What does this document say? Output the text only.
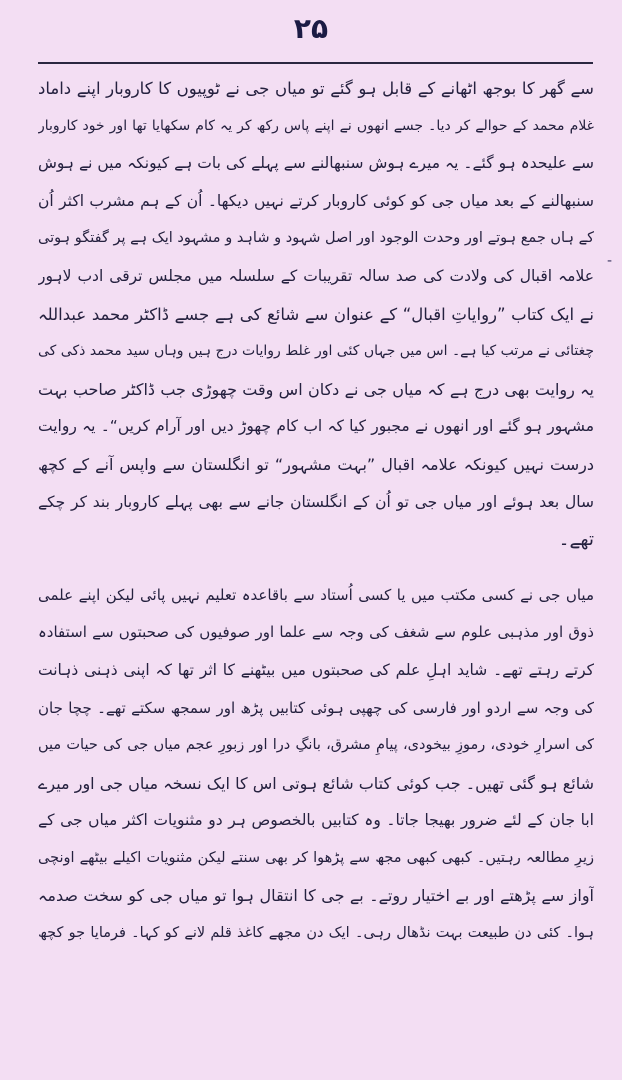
۲۵
-
سے گھر کا بوجھ اٹھانے کے قابل ہو گئے تو میاں جی نے ٹوپیوں کا کاروبار اپنے داماد
غلام محمد کے حوالے کر دیا۔ جسے انھوں نے اپنے پاس رکھ کر یہ کام سکھایا تھا اور خود کاروبار
سے علیحدہ ہو گئے۔ یہ میرے ہوش سنبھالنے سے پہلے کی بات ہے کیونکہ میں نے ہوش
سنبھالنے کے بعد میاں جی کو کوئی کاروبار کرتے نہیں دیکھا۔ اُن کے ہم مشرب اکثر اُن
کے ہاں جمع ہوتے اور وحدت الوجود اور اصل شہود و شاہد و مشہود ایک ہے پر گفتگو ہوتی
علامہ اقبال کی ولادت کی صد سالہ تقریبات کے سلسلہ میں مجلس ترقی ادب لاہور
نے ایک کتاب ”روایاتِ اقبال“ کے عنوان سے شائع کی ہے جسے ڈاکٹر محمد عبداللہ
چغتائی نے مرتب کیا ہے۔ اس میں جہاں کئی اور غلط روایات درج ہیں وہاں سید محمد ذکی کی
یہ روایت بھی درج ہے کہ میاں جی نے دکان اس وقت چھوڑی جب ڈاکٹر صاحب بہت
مشہور ہو گئے اور انھوں نے مجبور کیا کہ اب کام چھوڑ دیں اور آرام کریں“۔ یہ روایت
درست نہیں کیونکہ علامہ اقبال ”بہت مشہور“ تو انگلستان سے واپس آنے کے کچھ
سال بعد ہوئے اور میاں جی تو اُن کے انگلستان جانے سے بھی پہلے کاروبار بند کر چکے
تھے۔
میاں جی نے کسی مکتب میں یا کسی اُستاد سے باقاعدہ تعلیم نہیں پائی لیکن اپنے علمی
ذوق اور مذہبی علوم سے شغف کی وجہ سے علما اور صوفیوں کی صحبتوں سے استفادہ
کرتے رہتے تھے۔ شاید اہلِ علم کی صحبتوں میں بیٹھنے کا اثر تھا کہ اپنی ذہنی ذہانت
کی وجہ سے اردو اور فارسی کی چھپی ہوئی کتابیں پڑھ اور سمجھ سکتے تھے۔ چچا جان
کی اسرارِ خودی، رموزِ بیخودی، پیامِ مشرق، بانگِ درا اور زبورِ عجم میاں جی کی حیات میں
شائع ہو گئی تھیں۔ جب کوئی کتاب شائع ہوتی اس کا ایک نسخہ میاں جی اور میرے
ابا جان کے لئے ضرور بھیجا جاتا۔ وہ کتابیں بالخصوص ہر دو مثنویات اکثر میاں جی کے
زیرِ مطالعہ رہتیں۔ کبھی کبھی مجھ سے پڑھوا کر بھی سنتے لیکن مثنویات اکیلے بیٹھے اونچی
آواز سے پڑھتے اور بے اختیار روتے۔ بے جی کا انتقال ہوا تو میاں جی کو سخت صدمہ
ہوا۔ کئی دن طبیعت بہت نڈھال رہی۔ ایک دن مجھے کاغذ قلم لانے کو کہا۔ فرمایا جو کچھ
